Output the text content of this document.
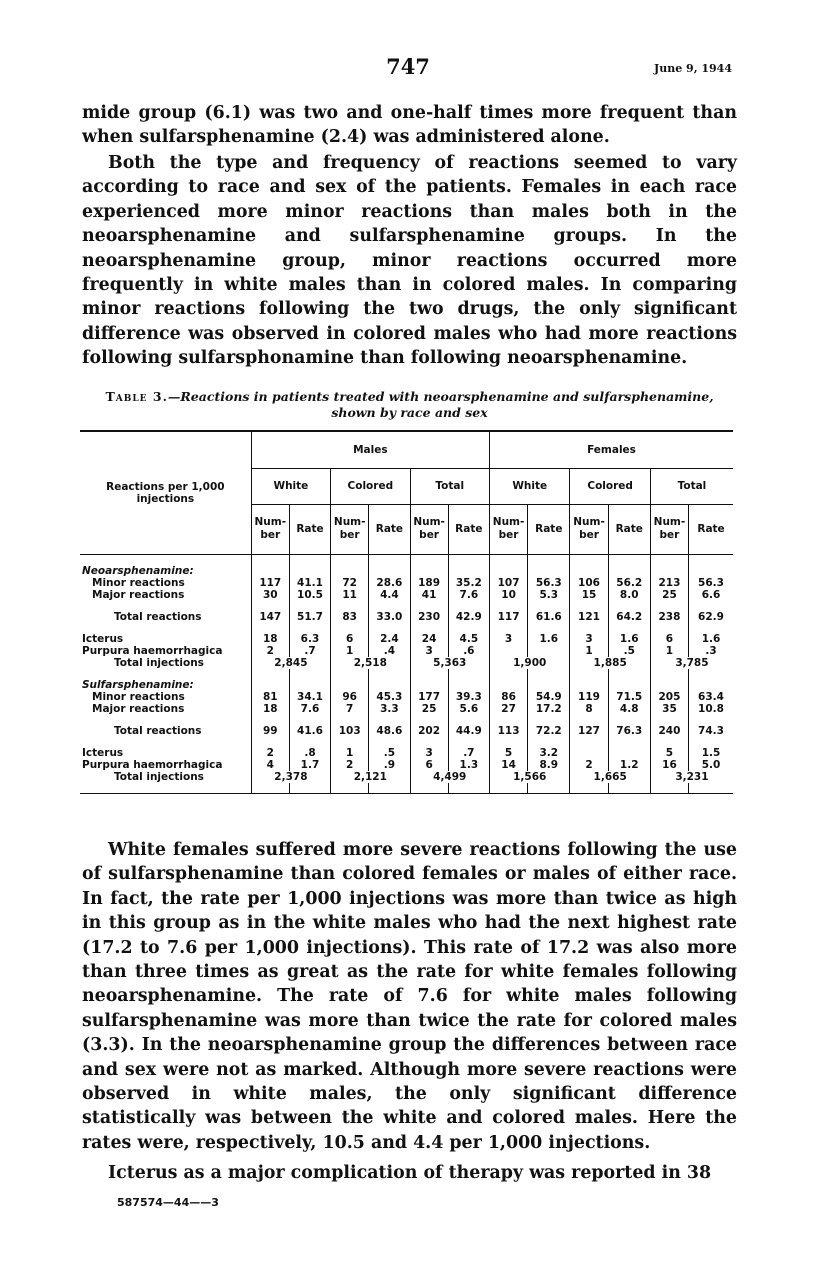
747	June 9, 1944

mide group (6.1) was two and one-half times more frequent than when sulfarsphenamine (2.4) was administered alone.

Both the type and frequency of reactions seemed to vary according to race and sex of the patients. Females in each race experienced more minor reactions than males both in the neoarsphenamine and sulfarsphenamine groups. In the neoarsphenamine group, minor reactions occurred more frequently in white males than in colored males. In comparing minor reactions following the two drugs, the only significant difference was observed in colored males who had more reactions following sulfarsphonamine than following neoarsphenamine.

Table 3.—Reactions in patients treated with neoarsphenamine and sulfarsphenamine, shown by race and sex
Reactions per 1,000 injections	Males						Females					
	White		Colored		Total		White		Colored		Total	
	Num- ber	Rate	Num- ber	Rate	Num- ber	Rate	Num- ber	Rate	Num- ber	Rate	Num- ber	Rate

Neoarsphenamine:												
Minor reactions	117	41.1	72	28.6	189	35.2	107	56.3	106	56.2	213	56.3
Major reactions	30	10.5	11	4.4	41	7.6	10	5.3	15	8.0	25	6.6

Total reactions	147	51.7	83	33.0	230	42.9	117	61.6	121	64.2	238	62.9

Icterus	18	6.3	6	2.4	24	4.5	3	1.6	3	1.6	6	1.6
Purpura haemorrhagica	2	.7	1	.4	3	.6			1	.5	1	.3
Total injections	2,845		2,518		5,363		1,900		1,885		3,785	

Sulfarsphenamine:												
Minor reactions	81	34.1	96	45.3	177	39.3	86	54.9	119	71.5	205	63.4
Major reactions	18	7.6	7	3.3	25	5.6	27	17.2	8	4.8	35	10.8

Total reactions	99	41.6	103	48.6	202	44.9	113	72.2	127	76.3	240	74.3

Icterus	2	.8	1	.5	3	.7	5	3.2			5	1.5
Purpura haemorrhagica	4	1.7	2	.9	6	1.3	14	8.9	2	1.2	16	5.0
Total injections	2,378		2,121		4,499		1,566		1,665		3,231	

White females suffered more severe reactions following the use of sulfarsphenamine than colored females or males of either race. In fact, the rate per 1,000 injections was more than twice as high in this group as in the white males who had the next highest rate (17.2 to 7.6 per 1,000 injections). This rate of 17.2 was also more than three times as great as the rate for white females following neoarsphenamine. The rate of 7.6 for white males following sulfarsphenamine was more than twice the rate for colored males (3.3). In the neoarsphenamine group the differences between race and sex were not as marked. Although more severe reactions were observed in white males, the only significant difference statistically was between the white and colored males. Here the rates were, respectively, 10.5 and 4.4 per 1,000 injections.

Icterus as a major complication of therapy was reported in 38

587574—44——3
